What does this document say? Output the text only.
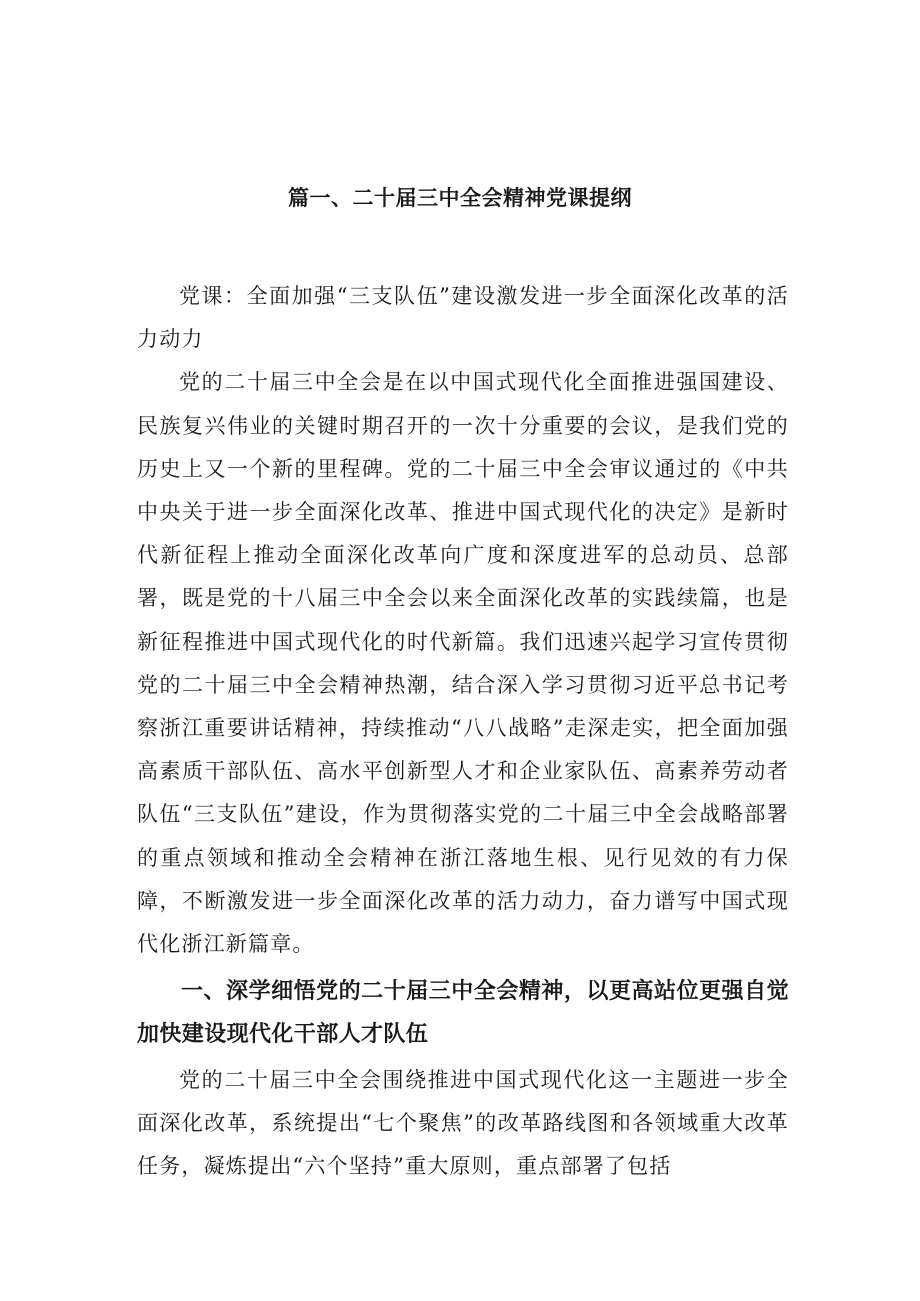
篇一、二十届三中全会精神党课提纲

党课：全面加强“三支队伍”建设激发进一步全面深化改革的活力动力

党的二十届三中全会是在以中国式现代化全面推进强国建设、民族复兴伟业的关键时期召开的一次十分重要的会议，是我们党的历史上又一个新的里程碑。党的二十届三中全会审议通过的《中共中央关于进一步全面深化改革、推进中国式现代化的决定》是新时代新征程上推动全面深化改革向广度和深度进军的总动员、总部署，既是党的十八届三中全会以来全面深化改革的实践续篇，也是新征程推进中国式现代化的时代新篇。我们迅速兴起学习宣传贯彻党的二十届三中全会精神热潮，结合深入学习贯彻习近平总书记考察浙江重要讲话精神，持续推动“八八战略”走深走实，把全面加强高素质干部队伍、高水平创新型人才和企业家队伍、高素养劳动者队伍“三支队伍”建设，作为贯彻落实党的二十届三中全会战略部署的重点领域和推动全会精神在浙江落地生根、见行见效的有力保障，不断激发进一步全面深化改革的活力动力，奋力谱写中国式现代化浙江新篇章。

一、深学细悟党的二十届三中全会精神，以更高站位更强自觉加快建设现代化干部人才队伍

党的二十届三中全会围绕推进中国式现代化这一主题进一步全面深化改革，系统提出“七个聚焦”的改革路线图和各领域重大改革任务，凝炼提出“六个坚持”重大原则，重点部署了包括
